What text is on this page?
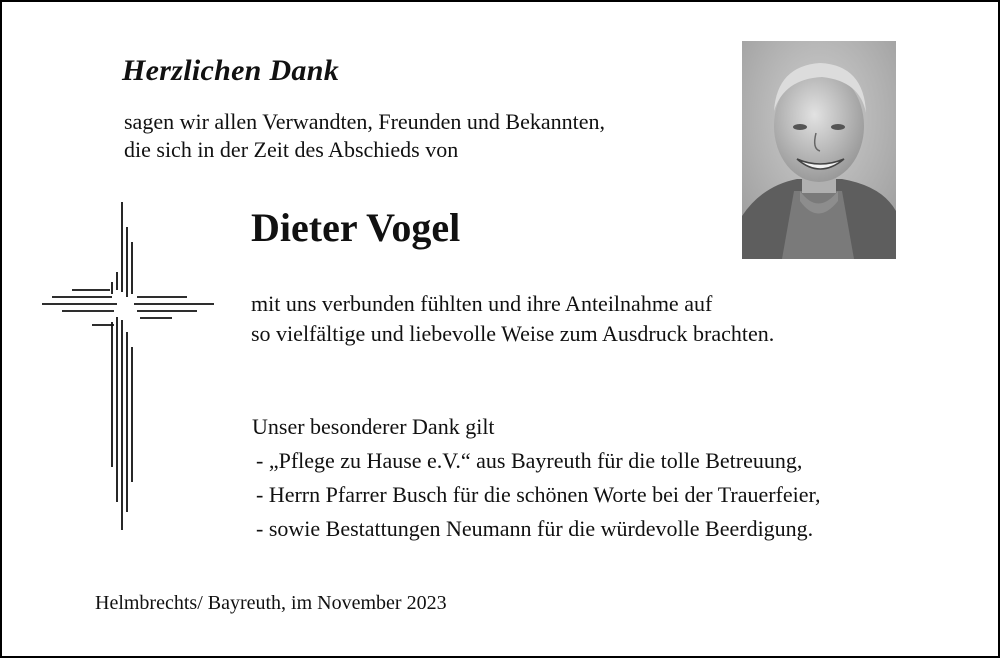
Herzlichen Dank
sagen wir allen Verwandten, Freunden und Bekannten,
die sich in der Zeit des Abschieds von
Dieter Vogel
mit uns verbunden fühlten und ihre Anteilnahme auf
so vielfältige und liebevolle Weise zum Ausdruck brachten.
Unser besonderer Dank gilt
- „Pflege zu Hause e.V.“ aus Bayreuth für die tolle Betreuung,
- Herrn Pfarrer Busch für die schönen Worte bei der Trauerfeier,
- sowie Bestattungen Neumann für die würdevolle Beerdigung.
Helmbrechts/ Bayreuth, im November 2023
